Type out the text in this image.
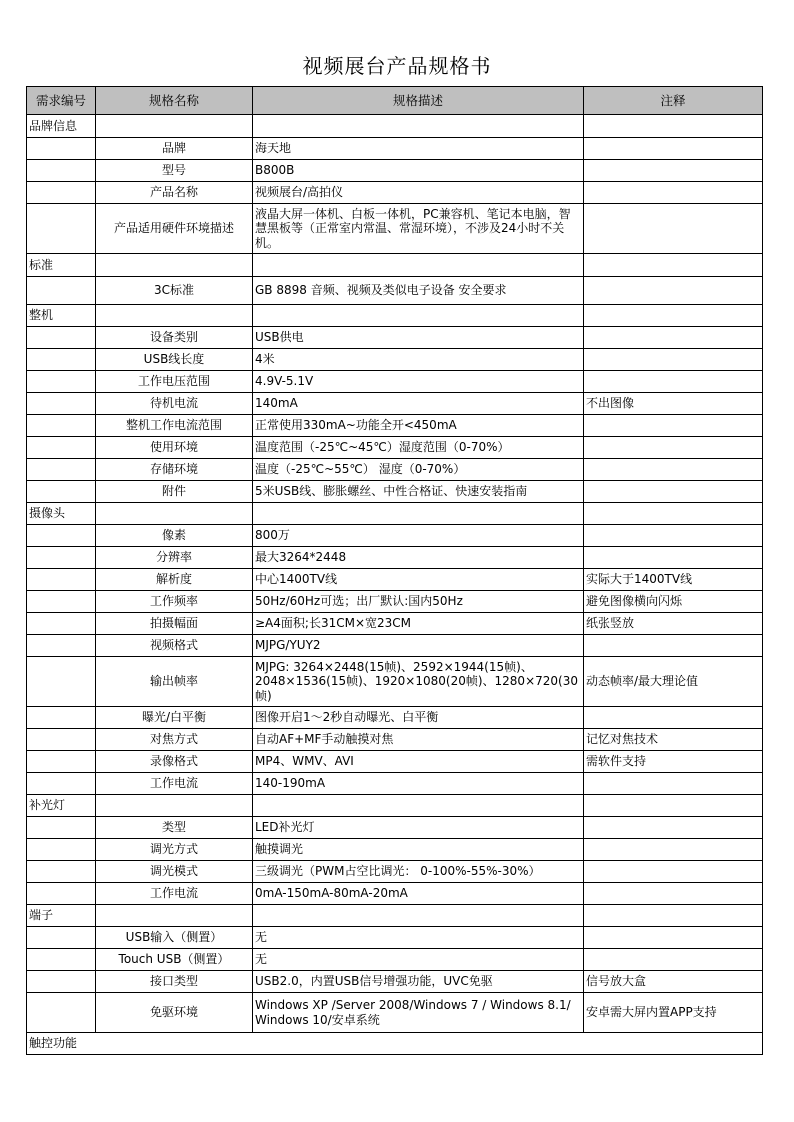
视频展台产品规格书
需求编号	规格名称	规格描述	注释
品牌信息			
	品牌	海天地	
	型号	B800B	
	产品名称	视频展台/高拍仪	
	产品适用硬件环境描述	液晶大屏一体机、白板一体机，PC兼容机、笔记本电脑，智慧黑板等（正常室内常温、常湿环境），不涉及24小时不关机。	
标准			
	3C标准	GB 8898 音频、视频及类似电子设备 安全要求	
整机			
	设备类别	USB供电	
	USB线长度	4米	
	工作电压范围	4.9V-5.1V	
	待机电流	140mA	不出图像
	整机工作电流范围	正常使用330mA~功能全开<450mA	
	使用环境	温度范围（-25℃~45℃）湿度范围（0-70%）	
	存储环境	温度（-25℃~55℃） 湿度（0-70%）	
	附件	5米USB线、膨胀螺丝、中性合格证、快速安装指南	
摄像头			
	像素	800万	
	分辨率	最大3264*2448	
	解析度	中心1400TV线	实际大于1400TV线
	工作频率	50Hz/60Hz可选；出厂默认:国内50Hz	避免图像横向闪烁
	拍摄幅面	≥A4面积;长31CM×宽23CM	纸张竖放
	视频格式	MJPG/YUY2	
	输出帧率	MJPG: 3264×2448(15帧)、2592×1944(15帧)、2048×1536(15帧)、1920×1080(20帧)、1280×720(30帧)	动态帧率/最大理论值
	曝光/白平衡	图像开启1～2秒自动曝光、白平衡	
	对焦方式	自动AF+MF手动触摸对焦	记忆对焦技术
	录像格式	MP4、WMV、AVI	需软件支持
	工作电流	140-190mA	
补光灯			
	类型	LED补光灯	
	调光方式	触摸调光	
	调光模式	三级调光（PWM占空比调光： 0-100%-55%-30%）	
	工作电流	0mA-150mA-80mA-20mA	
端子			
	USB输入（侧置）	无	
	Touch USB（侧置）	无	
	接口类型	USB2.0，内置USB信号增强功能，UVC免驱	信号放大盒
	免驱环境	Windows XP /Server 2008/Windows 7 / Windows 8.1/ Windows 10/安卓系统	安卓需大屏内置APP支持
触控功能			
